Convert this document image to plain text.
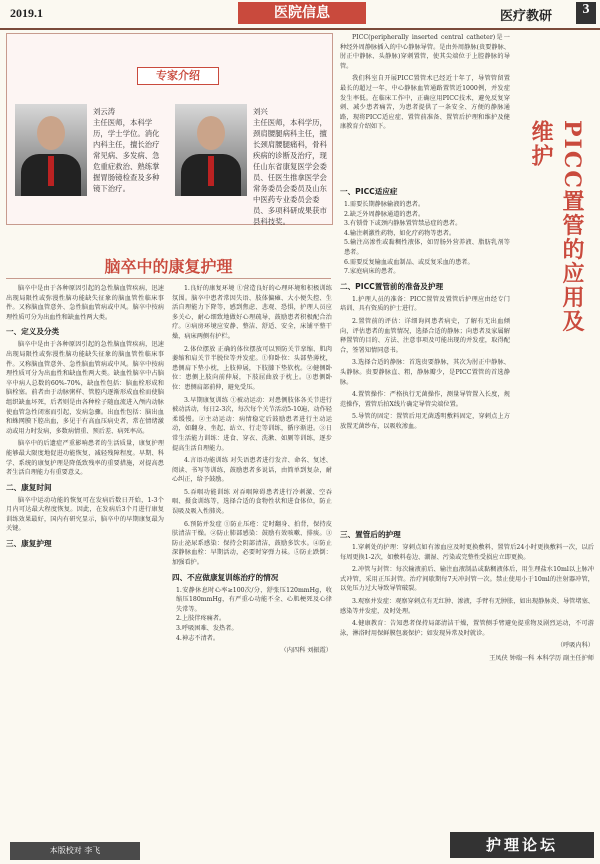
2019.1	医院信息	医疗教研	3
专家介绍
刘云涛
主任医师，本科学历，学士学位。消化内科主任，擅长治疗常见病、多发病、急危重症救治、熟练掌握胃肠镜检查及多种镜下治疗。
刘兴
主任医师，本科学历，颈肩腰腿病科主任，擅长颈肩腰腿痛科，骨科疾病的诊断及治疗，现任山东省康复医学会委员、任医生推拿医学会常务委员会委员及山东中医药专业委员会委员、多项科研成果获市县科技奖。
脑卒中的康复护理

脑卒中是由于各种原因引起的急性脑血管疾病，迅速出现局限性或弥漫性脑功能缺失征象的脑血管性临床事件。又称脑血管意外、急性脑血管病或中风。脑卒中按病理性质可分为出血性和缺血性两大类。

一、定义及分类

脑卒中是由于各种原因引起的急性脑血管疾病，迅速出现局限性或弥漫性脑功能缺失征象的脑血管性临床事件。又称脑血管意外、急性脑血管病或中风。脑卒中按病理性质可分为出血性和缺血性两大类。缺血性脑卒中占脑卒中病人总数的60%-70%，缺血性包括：脑血栓形成和脑栓塞。前者由于动脉粥样、管腔内逐渐形成血栓而使脑组织缺血坏死，后者则是由各种栓子随血流进入颅内动脉使血管急性闭塞而引起，发病急骤。出血性包括：脑出血和蛛网膜下腔出血，多见于有高血压病史者，常在情绪激动或用力时发病，多数病情重、预后差、病死率高。

脑卒中的后遗症严重影响患者的生活质量，康复护理能够最大限度地促进功能恢复，减轻残障程度。早期、科学、系统的康复护理是降低致残率的重要措施，对提高患者生活自理能力有重要意义。

二、康复时间

脑卒中运动功能的恢复可在发病后数日开始，1-3个月内可达最大程度恢复。因此，在发病后3个月进行康复训练效果最好，国内有研究显示，脑卒中的早期康复最为关键。

三、康复护理

1.良好的康复环境 ①营造良好的心理环境和积极训练氛围。脑卒中患者常因失语、肢体偏瘫、大小便失控、生活自理能力下降等，感到焦虑、悲观、恐惧，护理人员应多关心，耐心细致地做好心理疏导，鼓励患者积极配合治疗。②病房环境应安静、整洁、舒适、安全，床铺平整干燥，病床两侧有护栏。

2.体位摆放 正确的体位摆放可以预防关节挛缩、肌肉萎缩和肩关节半脱位等并发症。①仰卧位：头部垫薄枕，患侧肩下垫小枕，上肢伸展，下肢膝下垫软枕。②健侧卧位：患侧上肢向前伸展，下肢屈曲放于枕上。③患侧卧位：患侧肩部前伸，避免受压。

3.早期康复训练 ①被动运动：对患侧肢体各关节进行被动活动，每日2-3次，每次每个关节活动5-10遍，动作轻柔缓慢。②主动运动：病情稳定后鼓励患者进行主动运动，如翻身、坐起、站立、行走等训练，循序渐进。③日常生活能力训练：进食、穿衣、洗漱、如厕等训练，逐步提高生活自理能力。

4.言语功能训练 对失语患者进行发音、命名、复述、阅读、书写等训练，鼓励患者多说话，由简单到复杂，耐心纠正，给予鼓励。

5.吞咽功能训练 对吞咽障碍患者进行冷刺激、空吞咽、摄食训练等，选择合适的食物性状和进食体位，防止误吸及吸入性肺炎。

6.预防并发症 ①防止压疮：定时翻身、拍背，保持皮肤清洁干燥。②防止肺部感染：鼓励有效咳嗽、排痰。③防止泌尿系感染：保持会阴部清洁，鼓励多饮水。④防止深静脉血栓：早期活动，必要时穿弹力袜。⑤防止跌倒：加强看护。

四、不应做康复训练治疗的情况
1.安静休息时心率≥100次/分，舒张压120mmHg，收缩压180mmHg，有严重心功能不全、心肌梗死及心律失常等。
2.上肢伴疼痛者。
3.呼吸困难、发热者。
4.神志不清者。

（内四科 刘振霞）

PICC(peripherally inserted central catheter)是一种经外周静脉插入的中心静脉导管。是由外周静脉(贵要静脉、肘正中静脉、头静脉)穿刺置管，使其尖端位于上腔静脉的导管。

我们科室自开展PICC置管术已经近十年了，导管管留置最长的超过一年，中心静脉血管通路置管近1000例，并发症发生率低。在临床工作中，正确应用PICC技术，避免反复穿刺、减少患者痛苦，为患者提供了一条安全、方便的静脉通路，现将PICC适应症、置管前准备、置管后护理和维护及健康教育介绍如下。	PICC置管的应用及维护
一、PICC适应症
1.需要长期静脉输液的患者。
2.缺乏外周静脉通道的患者。
3.有锁骨下或颈内静脉置管禁忌症的患者。
4.输注刺激性药物，如化疗药物等患者。
5.输注高渗性或黏稠性液体，如胃肠外营养液、脂肪乳剂等患者。
6.需要反复输血或血制品、或反复采血的患者。
7.家庭病床的患者。
二、PICC置管前的准备及护理

1.护理人员的准备：PICC置管及置管后护理应由经专门培训、具有资质的护士进行。

2.置管前的评估：详细询问患者病史，了解有无出血倾向，评估患者的血管情况，选择合适的静脉；向患者及家属解释置管的目的、方法、注意事项及可能出现的并发症，取得配合，签署知情同意书。

3.选择合适的静脉：首选贵要静脉，其次为肘正中静脉、头静脉。贵要静脉直、粗，静脉瓣少，是PICC置管的首选静脉。

4.置管操作：严格执行无菌操作，测量导管置入长度，规范操作，置管后拍X线片确定导管尖端位置。

5.导管的固定：置管后用无菌透明敷料固定，穿刺点上方放置无菌纱布，以吸收渗血。

三、置管后的护理

1.穿刺处的护理：穿刺点如有渗血应及时更换敷料，置管后24小时更换敷料一次，以后每周更换1-2次，如敷料卷边、潮湿、污染或完整性受损应立即更换。

2.冲管与封管：每次输液前后、输注血液制品或黏稠液体后，用生理盐水10ml以上脉冲式冲管，采用正压封管。治疗间歇期每7天冲封管一次。禁止使用小于10ml的注射器冲管，以免压力过大导致导管破裂。

3.观察并发症：观察穿刺点有无红肿、渗液，手臂有无肿胀，如出现静脉炎、导管堵塞、感染等并发症，及时处理。

4.健康教育：告知患者保持局部清洁干燥，置管侧手臂避免提重物及剧烈运动，不可游泳，淋浴时用保鲜膜包裹保护；如发现异常及时就诊。

（呼吸内科）

王凤侠 钟瑞一科 本科学历 副主任护师

本版校对 李飞	护理论坛
